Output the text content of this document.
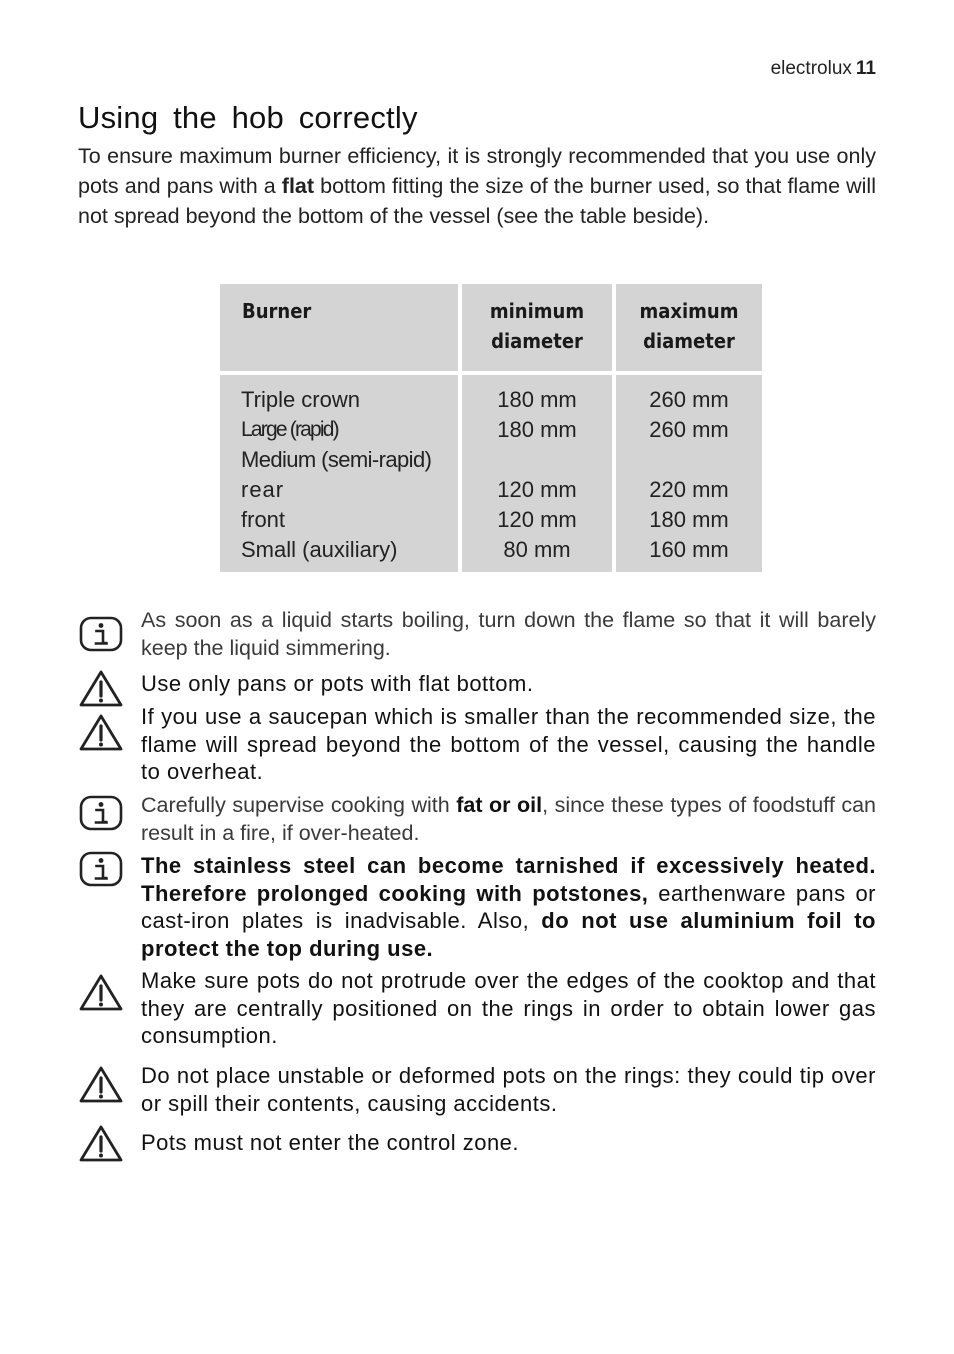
electrolux 11
Using the hob correctly

To ensure maximum burner efficiency, it is strongly recommended that you use only pots and pans with a flat bottom fitting the size of the burner used, so that flame will not spread beyond the bottom of the vessel (see the table beside).

Burner	minimum
diameter
maximum
diameter
Triple crown
Large (rapid)
Medium (semi-rapid)
rear
front
Small (auxiliary)
180 mm
180 mm
120 mm
120 mm
80 mm
260 mm
260 mm
220 mm
180 mm
160 mm

As soon as a liquid starts boiling, turn down the flame so that it will barely keep the liquid simmering.

Use only pans or pots with flat bottom.

If you use a saucepan which is smaller than the recommended size, the flame will spread beyond the bottom of the vessel, causing the handle to overheat.

Carefully supervise cooking with fat or oil, since these types of foodstuff can result in a fire, if over-heated.

The stainless steel can become tarnished if excessively heated. Therefore prolonged cooking with potstones, earthenware pans or cast-iron plates is inadvisable. Also, do not use aluminium foil to protect the top during use.

Make sure pots do not protrude over the edges of the cooktop and that they are centrally positioned on the rings in order to obtain lower gas consumption.

Do not place unstable or deformed pots on the rings: they could tip over or spill their contents, causing accidents.

Pots must not enter the control zone.
